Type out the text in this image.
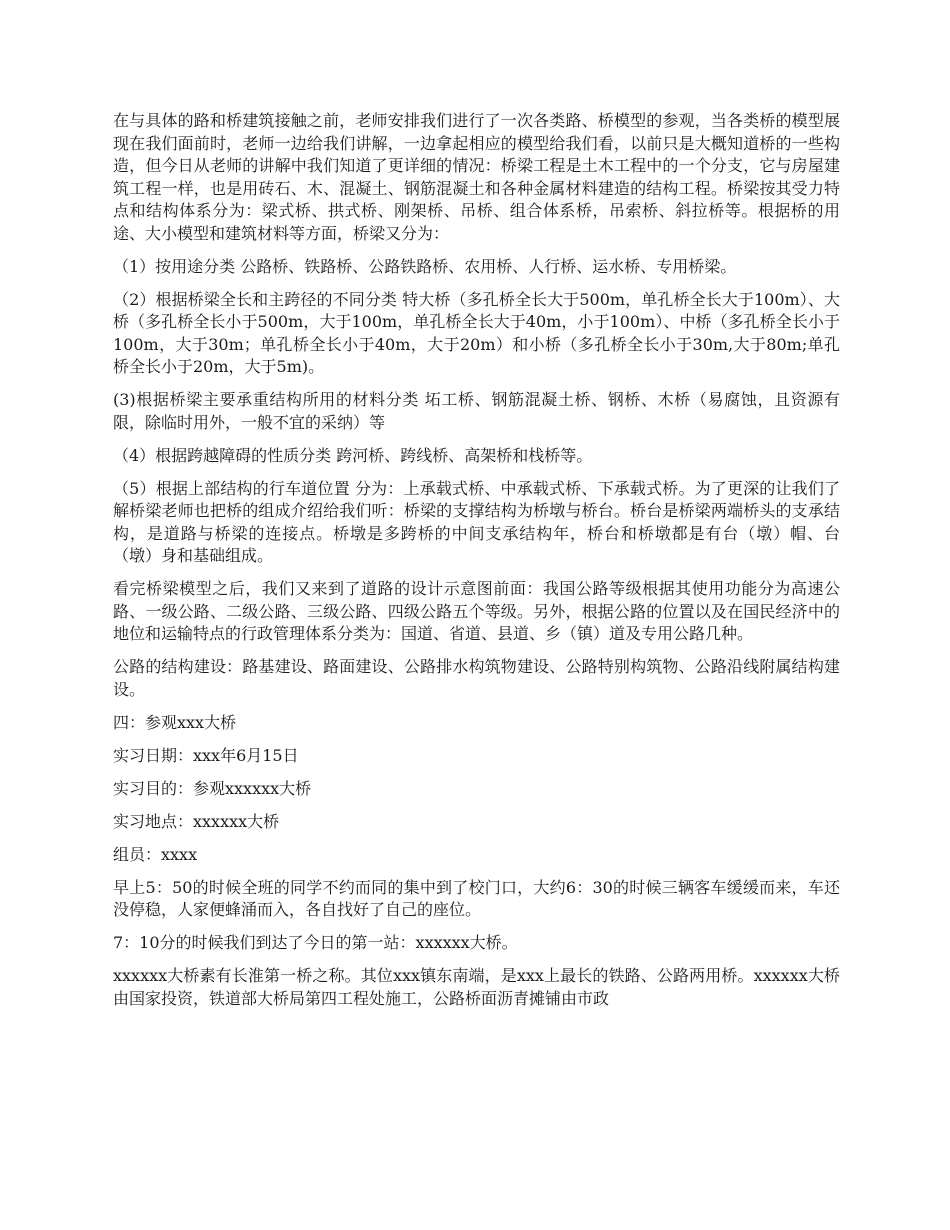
在与具体的路和桥建筑接触之前，老师安排我们进行了一次各类路、桥模型的参观，当各类桥的模型展现在我们面前时，老师一边给我们讲解，一边拿起相应的模型给我们看，以前只是大概知道桥的一些构造，但今日从老师的讲解中我们知道了更详细的情况：桥梁工程是土木工程中的一个分支，它与房屋建筑工程一样，也是用砖石、木、混凝土、钢筋混凝土和各种金属材料建造的结构工程。桥梁按其受力特点和结构体系分为：梁式桥、拱式桥、刚架桥、吊桥、组合体系桥，吊索桥、斜拉桥等。根据桥的用途、大小模型和建筑材料等方面，桥梁又分为：

（1）按用途分类 公路桥、铁路桥、公路铁路桥、农用桥、人行桥、运水桥、专用桥梁。

（2）根据桥梁全长和主跨径的不同分类 特大桥（多孔桥全长大于500m，单孔桥全长大于100m）、大桥（多孔桥全长小于500m，大于100m，单孔桥全长大于40m，小于100m）、中桥（多孔桥全长小于100m，大于30m；单孔桥全长小于40m，大于20m）和小桥（多孔桥全长小于30m,大于80m;单孔桥全长小于20m，大于5m)。

(3)根据桥梁主要承重结构所用的材料分类 坧工桥、钢筋混凝土桥、钢桥、木桥（易腐蚀，且资源有限，除临时用外，一般不宜的采纳）等

（4）根据跨越障碍的性质分类 跨河桥、跨线桥、高架桥和栈桥等。

（5）根据上部结构的行车道位置 分为：上承载式桥、中承载式桥、下承载式桥。为了更深的让我们了解桥梁老师也把桥的组成介绍给我们听：桥梁的支撑结构为桥墩与桥台。桥台是桥梁两端桥头的支承结构，是道路与桥梁的连接点。桥墩是多跨桥的中间支承结构年，桥台和桥墩都是有台（墩）帽、台（墩）身和基础组成。

看完桥梁模型之后，我们又来到了道路的设计示意图前面：我国公路等级根据其使用功能分为高速公路、一级公路、二级公路、三级公路、四级公路五个等级。另外，根据公路的位置以及在国民经济中的地位和运输特点的行政管理体系分类为：国道、省道、县道、乡（镇）道及专用公路几种。

公路的结构建设：路基建设、路面建设、公路排水构筑物建设、公路特别构筑物、公路沿线附属结构建设。

四：参观xxx大桥

实习日期：xxx年6月15日

实习目的：参观xxxxxx大桥

实习地点：xxxxxx大桥

组员：xxxx

早上5：50的时候全班的同学不约而同的集中到了校门口，大约6：30的时候三辆客车缓缓而来，车还没停稳，人家便蜂涌而入，各自找好了自己的座位。

7：10分的时候我们到达了今日的第一站：xxxxxx大桥。

xxxxxx大桥素有长淮第一桥之称。其位xxx镇东南端，是xxx上最长的铁路、公路两用桥。xxxxxx大桥由国家投资，铁道部大桥局第四工程处施工，公路桥面沥青摊铺由市政
